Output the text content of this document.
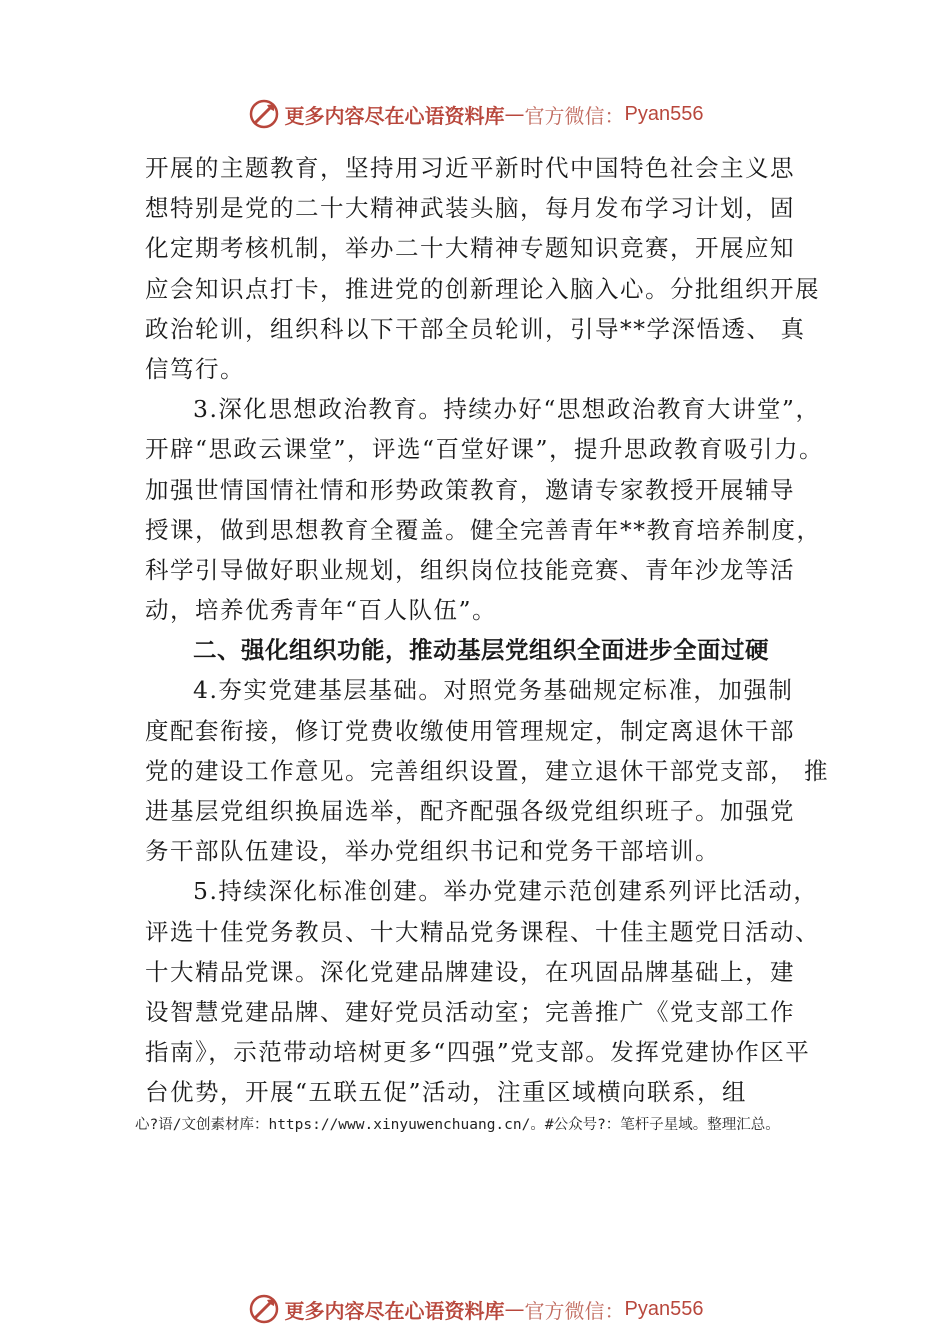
更多内容尽在心语资料库 — 官方微信： Pyan556
开展的主题教育，坚持用习近平新时代中国特色社会主义思
想特别是党的二十大精神武装头脑，每月发布学习计划，固
化定期考核机制，举办二十大精神专题知识竞赛，开展应知
应会知识点打卡，推进党的创新理论入脑入心。分批组织开展
政治轮训，组织科以下干部全员轮训，引导**学深悟透、 真
信笃行。
3.深化思想政治教育。持续办好“思想政治教育大讲堂”，
开辟“思政云课堂”，评选“百堂好课”，提升思政教育吸引力。
加强世情国情社情和形势政策教育，邀请专家教授开展辅导
授课，做到思想教育全覆盖。健全完善青年**教育培养制度，
科学引导做好职业规划，组织岗位技能竞赛、青年沙龙等活
动，培养优秀青年“百人队伍”。
二、强化组织功能，推动基层党组织全面进步全面过硬
4.夯实党建基层基础。对照党务基础规定标准，加强制
度配套衔接，修订党费收缴使用管理规定，制定离退休干部
党的建设工作意见。完善组织设置，建立退休干部党支部， 推
进基层党组织换届选举，配齐配强各级党组织班子。加强党
务干部队伍建设，举办党组织书记和党务干部培训。
5.持续深化标准创建。举办党建示范创建系列评比活动，
评选十佳党务教员、十大精品党务课程、十佳主题党日活动、
十大精品党课。深化党建品牌建设，在巩固品牌基础上，建
设智慧党建品牌、建好党员活动室；完善推广《党支部工作
指南》，示范带动培树更多“四强”党支部。发挥党建协作区平
台优势，开展“五联五促”活动，注重区域横向联系，组
心?语/文创素材库：https://www.xinyuwenchuang.cn/。#公众号?：笔杆子星域。整理汇总。
更多内容尽在心语资料库 — 官方微信： Pyan556
